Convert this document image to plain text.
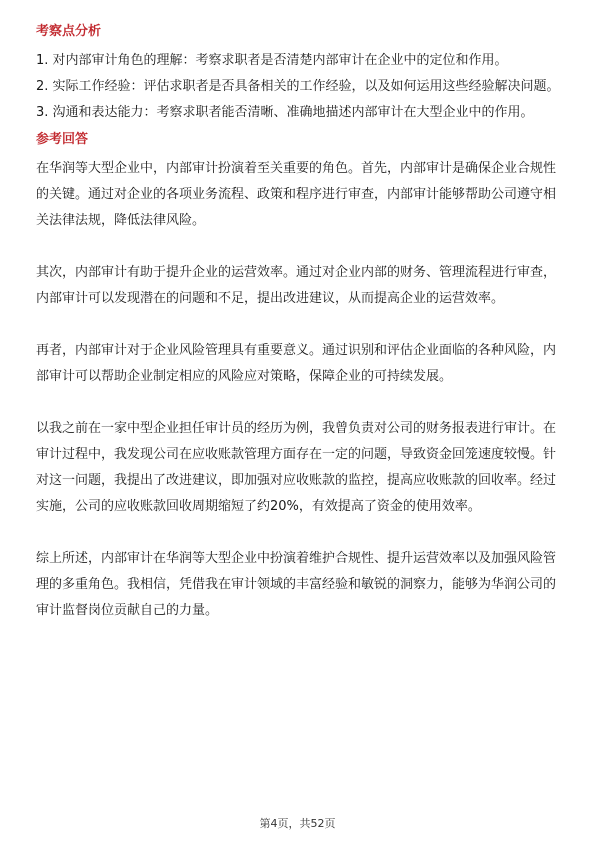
考察点分析

1. 对内部审计角色的理解：考察求职者是否清楚内部审计在企业中的定位和作用。

2. 实际工作经验：评估求职者是否具备相关的工作经验，以及如何运用这些经验解决问题。

3. 沟通和表达能力：考察求职者能否清晰、准确地描述内部审计在大型企业中的作用。

参考回答

在华润等大型企业中，内部审计扮演着至关重要的角色。首先，内部审计是确保企业合规性的关键。通过对企业的各项业务流程、政策和程序进行审查，内部审计能够帮助公司遵守相关法律法规，降低法律风险。

其次，内部审计有助于提升企业的运营效率。通过对企业内部的财务、管理流程进行审查，内部审计可以发现潜在的问题和不足，提出改进建议，从而提高企业的运营效率。

再者，内部审计对于企业风险管理具有重要意义。通过识别和评估企业面临的各种风险，内部审计可以帮助企业制定相应的风险应对策略，保障企业的可持续发展。

以我之前在一家中型企业担任审计员的经历为例，我曾负责对公司的财务报表进行审计。在审计过程中，我发现公司在应收账款管理方面存在一定的问题，导致资金回笼速度较慢。针对这一问题，我提出了改进建议，即加强对应收账款的监控，提高应收账款的回收率。经过实施，公司的应收账款回收周期缩短了约20%，有效提高了资金的使用效率。

综上所述，内部审计在华润等大型企业中扮演着维护合规性、提升运营效率以及加强风险管理的多重角色。我相信，凭借我在审计领域的丰富经验和敏锐的洞察力，能够为华润公司的审计监督岗位贡献自己的力量。

第4页，共52页
